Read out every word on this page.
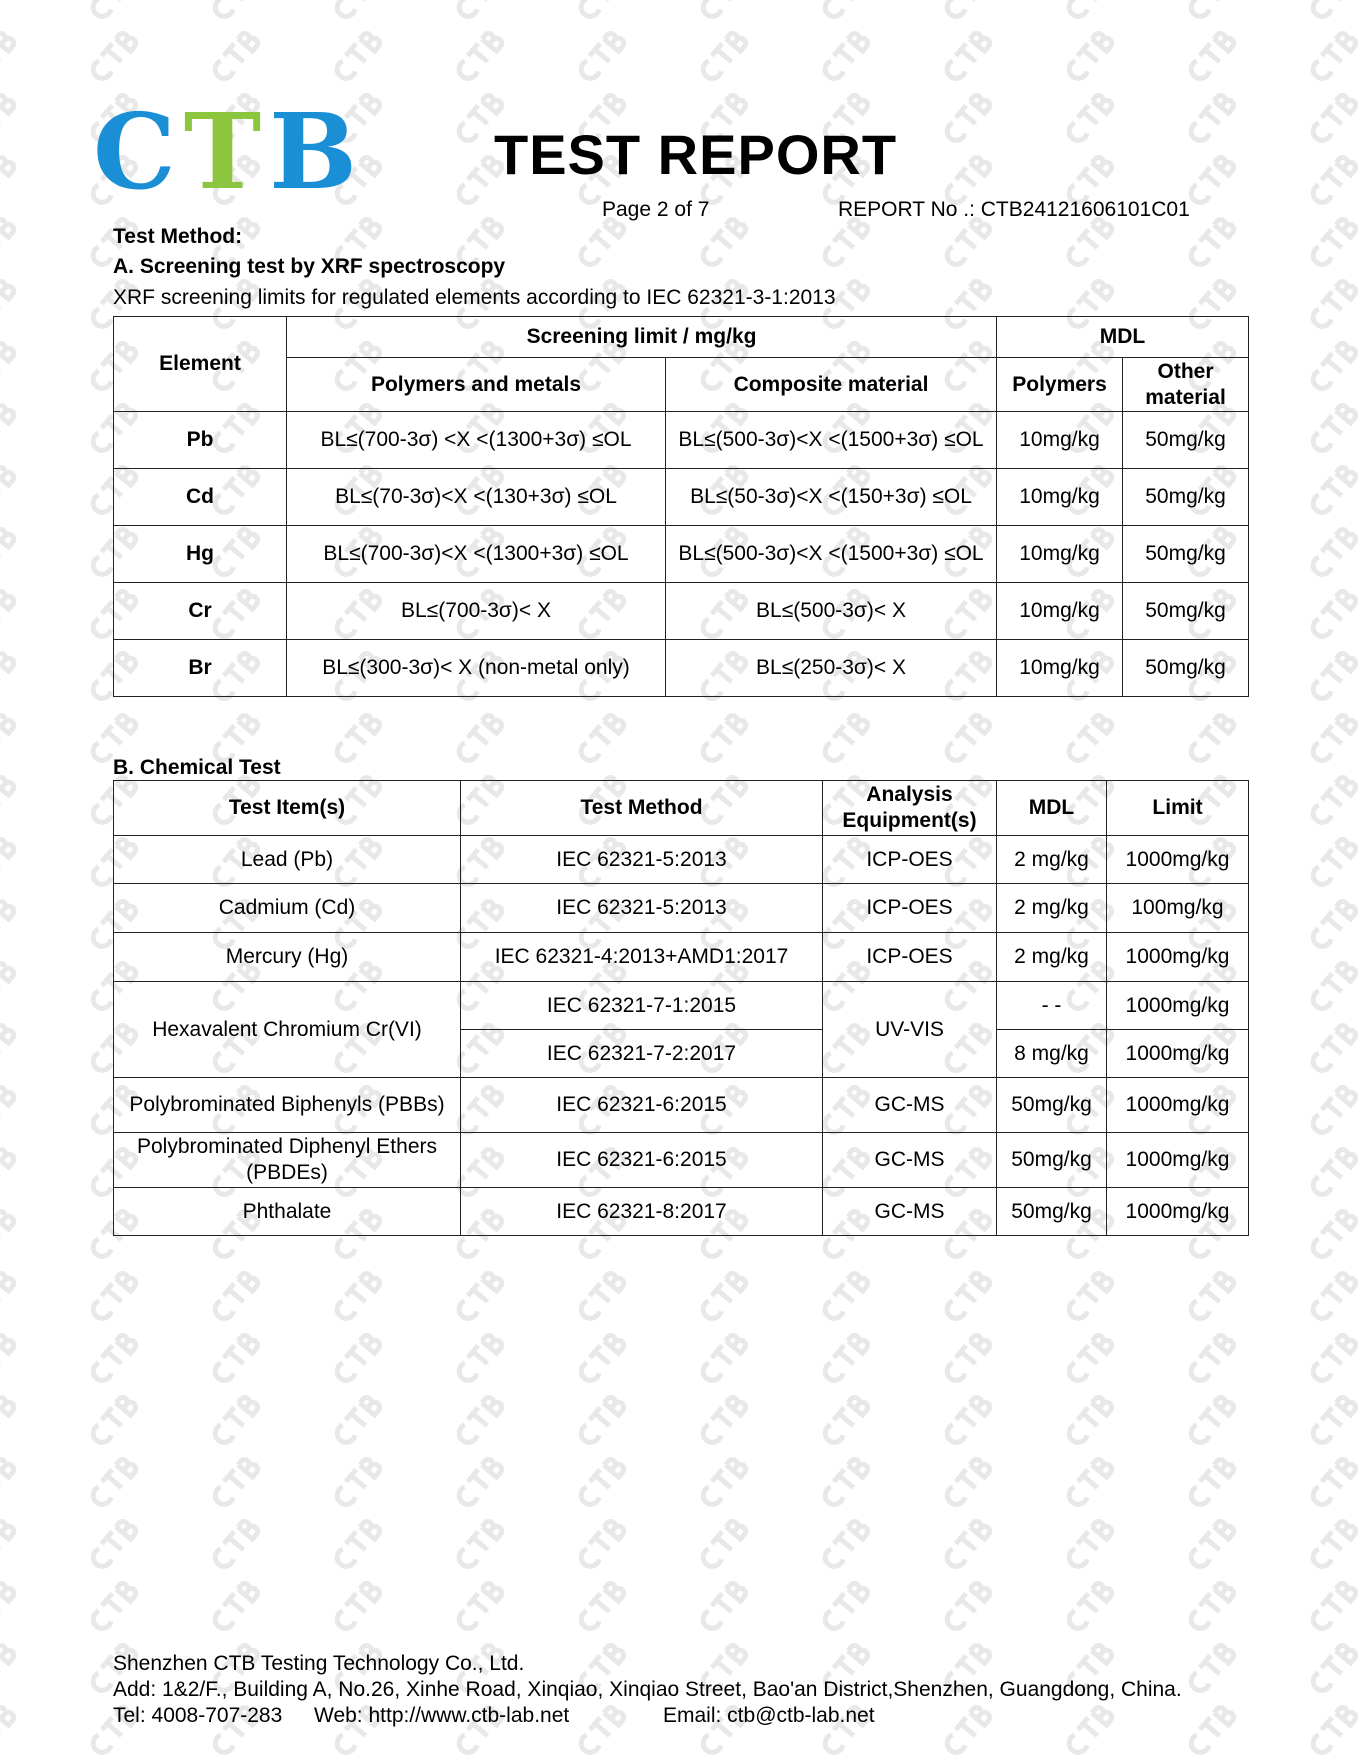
CTB TEST REPORT
Page 2 of 7	REPORT No .: CTB24121606101C01
Test Method:
A. Screening test by XRF spectroscopy
XRF screening limits for regulated elements according to IEC 62321-3-1:2013
Element	Screening limit / mg/kg		MDL	
	Polymers and metals	Composite material	Polymers	Other material
Pb	BL≤(700-3σ) <X <(1300+3σ) ≤OL	BL≤(500-3σ)<X <(1500+3σ) ≤OL	10mg/kg	50mg/kg
Cd	BL≤(70-3σ)<X <(130+3σ) ≤OL	BL≤(50-3σ)<X <(150+3σ) ≤OL	10mg/kg	50mg/kg
Hg	BL≤(700-3σ)<X <(1300+3σ) ≤OL	BL≤(500-3σ)<X <(1500+3σ) ≤OL	10mg/kg	50mg/kg
Cr	BL≤(700-3σ)< X	BL≤(500-3σ)< X	10mg/kg	50mg/kg
Br	BL≤(300-3σ)< X (non-metal only)	BL≤(250-3σ)< X	10mg/kg	50mg/kg
B. Chemical Test
Test Item(s)	Test Method	Analysis Equipment(s)	MDL	Limit
Lead (Pb)	IEC 62321-5:2013	ICP-OES	2 mg/kg	1000mg/kg
Cadmium (Cd)	IEC 62321-5:2013	ICP-OES	2 mg/kg	100mg/kg
Mercury (Hg)	IEC 62321-4:2013+AMD1:2017	ICP-OES	2 mg/kg	1000mg/kg
Hexavalent Chromium Cr(VI)	IEC 62321-7-1:2015	UV-VIS	- -	1000mg/kg
	IEC 62321-7-2:2017		8 mg/kg	1000mg/kg
Polybrominated Biphenyls (PBBs)	IEC 62321-6:2015	GC-MS	50mg/kg	1000mg/kg
Polybrominated Diphenyl Ethers (PBDEs)	IEC 62321-6:2015	GC-MS	50mg/kg	1000mg/kg
Phthalate	IEC 62321-8:2017	GC-MS	50mg/kg	1000mg/kg
Shenzhen CTB Testing Technology Co., Ltd.
Add: 1&2/F., Building A, No.26, Xinhe Road, Xinqiao, Xinqiao Street, Bao'an District,Shenzhen, Guangdong, China.
Tel: 4008-707-283 Web: http://www.ctb-lab.net	Email: ctb@ctb-lab.net
